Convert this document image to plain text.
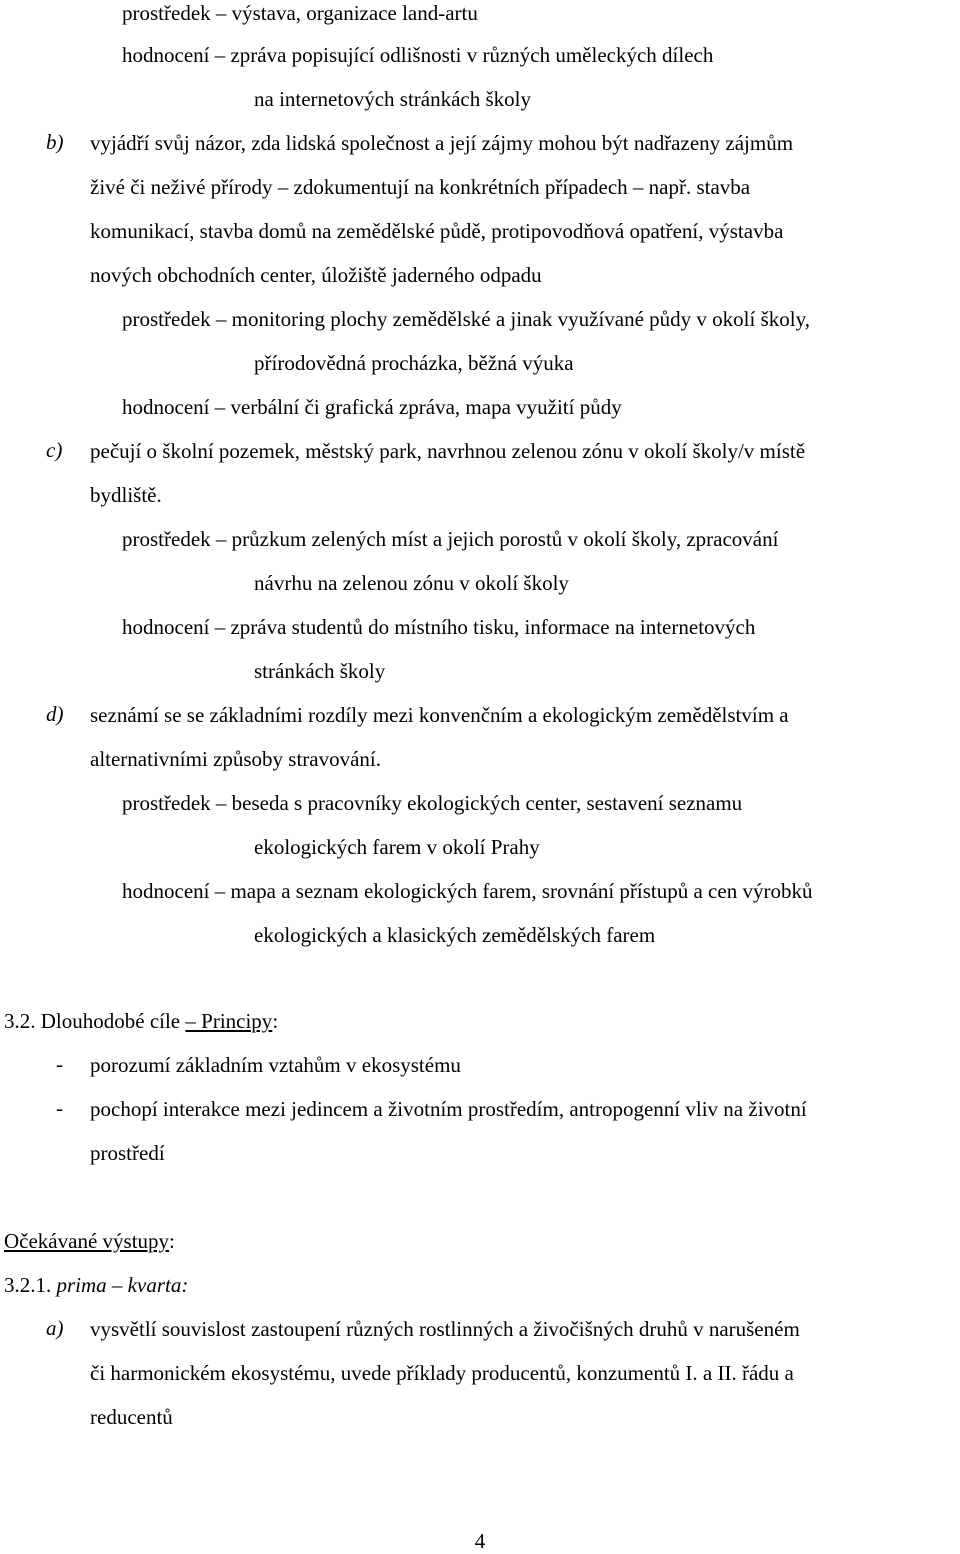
prostředek – výstava, organizace land-artu
hodnocení – zpráva popisující odlišnosti v různých uměleckých dílech
na internetových stránkách školy
b)	vyjádří svůj názor, zda lidská společnost a její zájmy mohou být nadřazeny zájmům
živé či neživé přírody – zdokumentují na konkrétních případech – např. stavba
komunikací, stavba domů na zemědělské půdě, protipovodňová opatření, výstavba
nových obchodních center, úložiště jaderného odpadu
prostředek – monitoring plochy zemědělské a jinak využívané půdy v okolí školy,
přírodovědná procházka, běžná výuka
hodnocení – verbální či grafická zpráva, mapa využití půdy
c)	pečují o školní pozemek, městský park, navrhnou zelenou zónu v okolí školy/v místě
bydliště.
prostředek – průzkum zelených míst a jejich porostů v okolí školy, zpracování
návrhu na zelenou zónu v okolí školy
hodnocení – zpráva studentů do místního tisku, informace na internetových
stránkách školy
d)	seznámí se se základními rozdíly mezi konvenčním a ekologickým zemědělstvím a
alternativními způsoby stravování.
prostředek – beseda s pracovníky ekologických center, sestavení seznamu
ekologických farem v okolí Prahy
hodnocení – mapa a seznam ekologických farem, srovnání přístupů a cen výrobků
ekologických a klasických zemědělských farem
3.2. Dlouhodobé cíle – Principy:
-	porozumí základním vztahům v ekosystému
-	pochopí interakce mezi jedincem a životním prostředím, antropogenní vliv na životní
prostředí
Očekávané výstupy:
3.2.1. prima – kvarta:
a)	vysvětlí souvislost zastoupení různých rostlinných a živočišných druhů v narušeném
či harmonickém ekosystému, uvede příklady producentů, konzumentů I. a II. řádu a
reducentů
4
